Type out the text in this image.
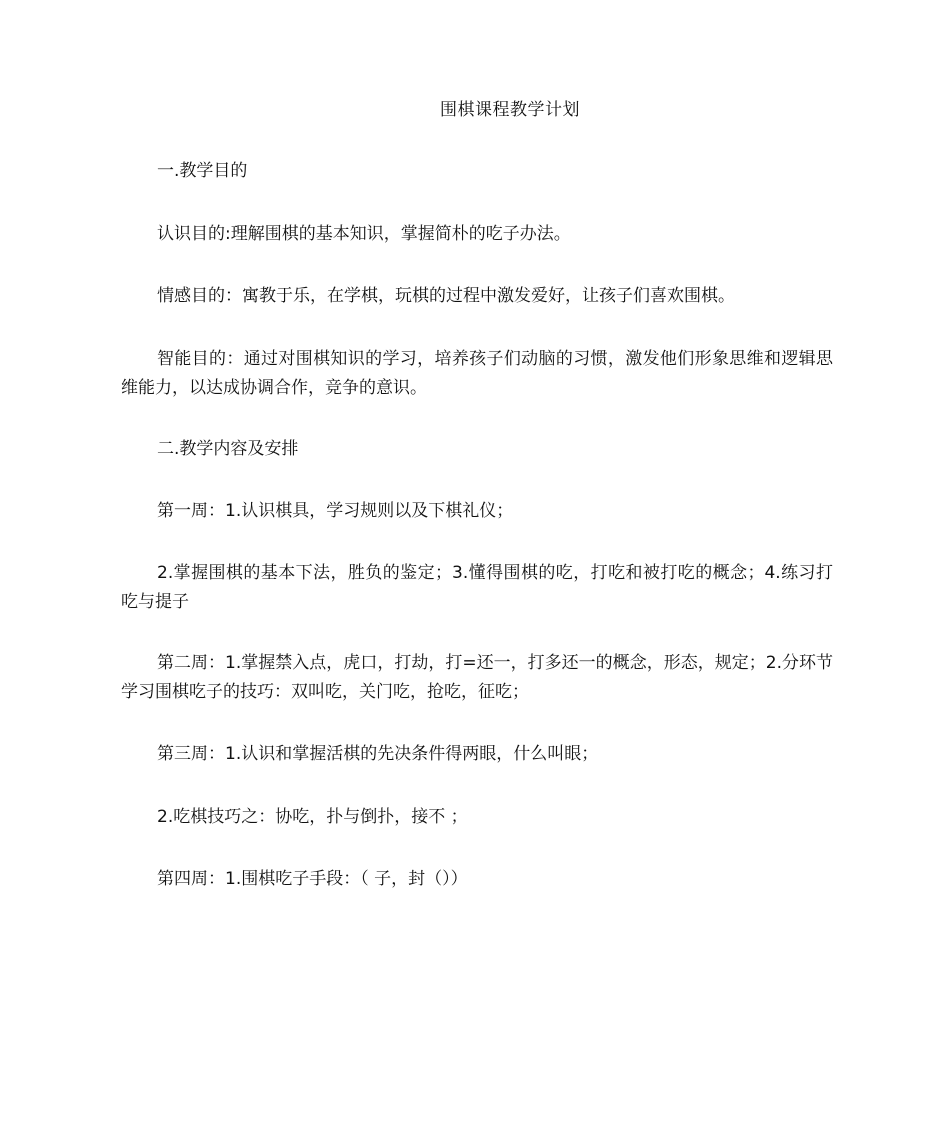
围棋课程教学计划

一.教学目的

认识目的:理解围棋的基本知识，掌握简朴的吃子办法。

情感目的：寓教于乐，在学棋，玩棋的过程中激发爱好，让孩子们喜欢围棋。

智能目的：通过对围棋知识的学习，培养孩子们动脑的习惯，激发他们形象思维和逻辑思维能力，以达成协调合作，竞争的意识。

二.教学内容及安排

第一周：1.认识棋具，学习规则以及下棋礼仪；

2.掌握围棋的基本下法，胜负的鉴定；3.懂得围棋的吃，打吃和被打吃的概念；4.练习打吃与提子

第二周：1.掌握禁入点，虎口，打劫，打=还一，打多还一的概念，形态，规定；2.分环节学习围棋吃子的技巧：双叫吃，关门吃，抢吃，征吃；

第三周：1.认识和掌握活棋的先决条件得两眼，什么叫眼；

2.吃棋技巧之：协吃，扑与倒扑，接不 ；

第四周：1.围棋吃子手段：（ 子，封（））
